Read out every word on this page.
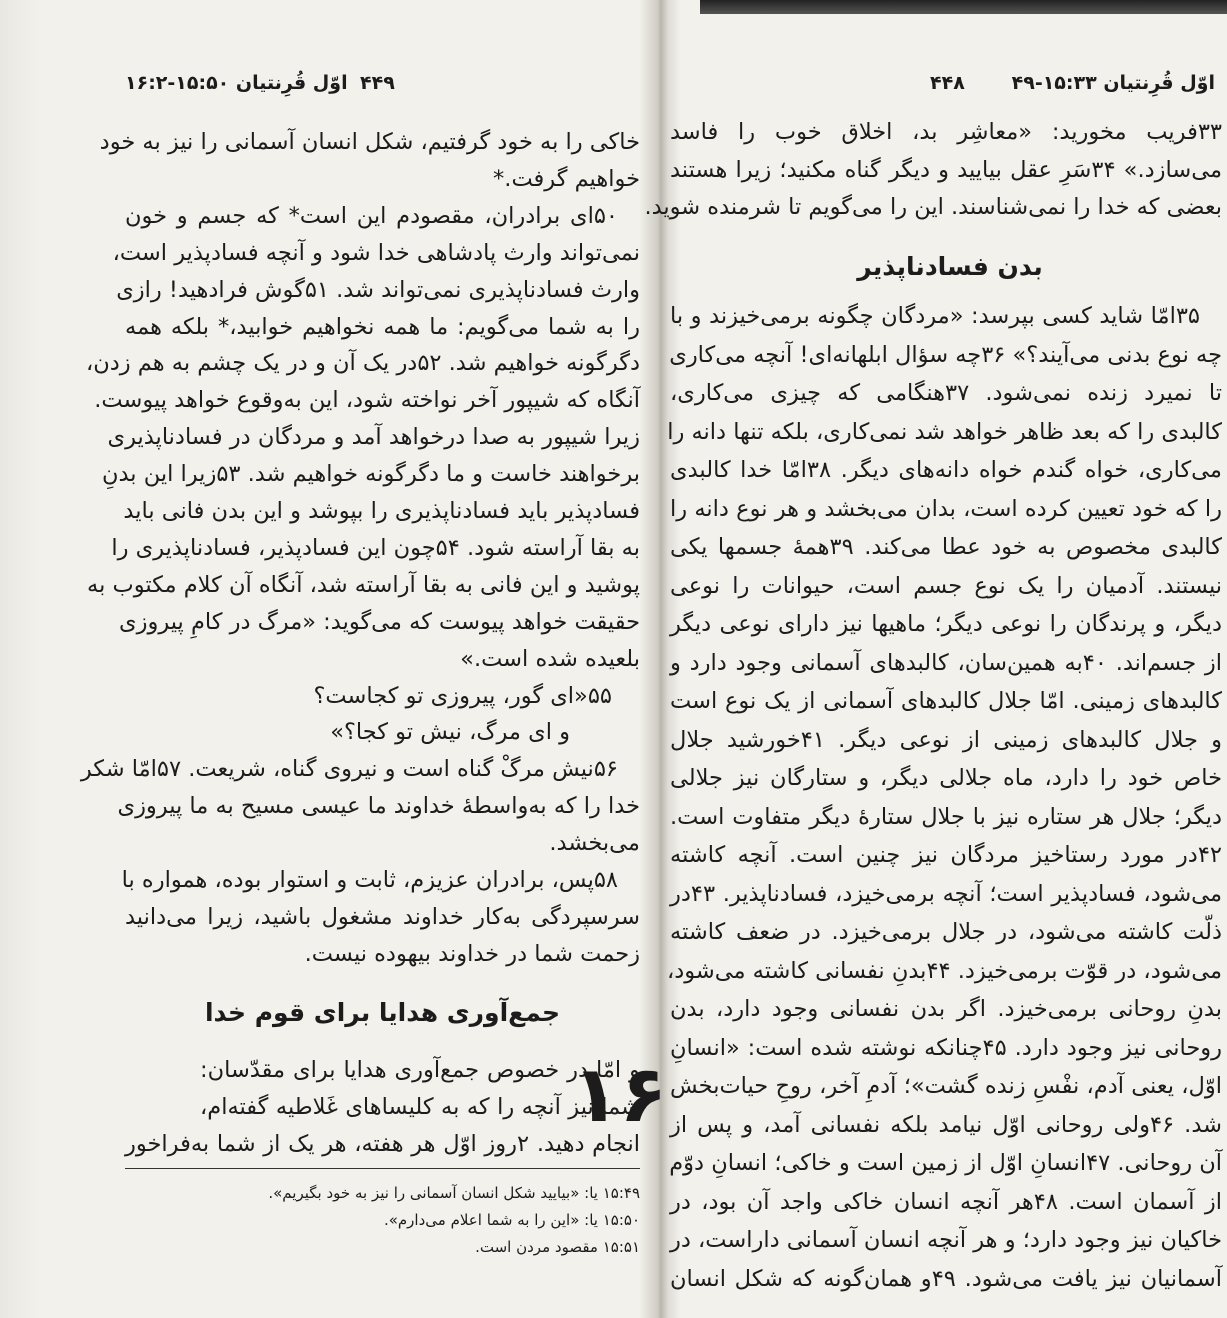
اوّل قُرِنتیان ۱۵:۵۰-۱۶:۲ ۴۴۹
خاکی را به خود گرفتیم، شکل انسان آسمانی را نیز به خود
خواهیم گرفت.*
۵۰ای برادران، مقصودم این است* که جسم و خون
نمی‌تواند وارث پادشاهی خدا شود و آنچه فسادپذیر است،
وارث فسادناپذیری نمی‌تواند شد. ۵۱گوش فرادهید! رازی
را به شما می‌گویم: ما همه نخواهیم خوابید،* بلکه همه
دگرگونه خواهیم شد. ۵۲در یک آن و در یک چشم به هم زدن،
آنگاه که شیپور آخر نواخته شود، این به‌وقوع خواهد پیوست.
زیرا شیپور به صدا درخواهد آمد و مردگان در فسادناپذیری
برخواهند خاست و ما دگرگونه خواهیم شد. ۵۳زیرا این بدنِ
فسادپذیر باید فسادناپذیری را بپوشد و این بدن فانی باید
به بقا آراسته شود. ۵۴چون این فسادپذیر، فسادناپذیری را
پوشید و این فانی به بقا آراسته شد، آنگاه آن کلام مکتوب به
حقیقت خواهد پیوست که می‌گوید: «مرگ در کامِ پیروزی
بلعیده شده است.»
۵۵«ای گور، پیروزی تو کجاست؟
و ای مرگ، نیش تو کجا؟»
۵۶نیش مرگْ گناه است و نیروی گناه، شریعت. ۵۷امّا شکر
خدا را که به‌واسطهٔ خداوند ما عیسی مسیح به ما پیروزی
می‌بخشد.
۵۸پس، برادران عزیزم، ثابت و استوار بوده، همواره با
سرسپردگی به‌کار خداوند مشغول باشید، زیرا می‌دانید
زحمت شما در خداوند بیهوده نیست.
جمع‌آوری هدایا برای قوم خدا
۱۶
و امّا در خصوص جمع‌آوری هدایا برای مقدّسان:
شما نیز آنچه را که به کلیساهای غَلاطیه گفته‌ام،
انجام دهید. ۲روز اوّل هر هفته، هر یک از شما به‌فراخور
۱۵:۴۹ یا: «بیایید شکل انسان آسمانی را نیز به خود بگیریم».
۱۵:۵۰ یا: «این را به شما اعلام می‌دارم».
۱۵:۵۱ مقصود مردن است.
اوّل قُرِنتیان ۱۵:۳۳-۴۹
۴۴۸
۳۳فریب مخورید: «معاشِر بد، اخلاق خوب را فاسد
می‌سازد.» ۳۴سَرِ عقل بیایید و دیگر گناه مکنید؛ زیرا هستند
بعضی که خدا را نمی‌شناسند. این را می‌گویم تا شرمنده شوید.
بدن فسادناپذیر
۳۵امّا شاید کسی بپرسد: «مردگان چگونه برمی‌خیزند و با
چه نوع بدنی می‌آیند؟» ۳۶چه سؤال ابلهانه‌ای! آنچه می‌کاری
تا نمیرد زنده نمی‌شود. ۳۷هنگامی که چیزی می‌کاری،
کالبدی را که بعد ظاهر خواهد شد نمی‌کاری، بلکه تنها دانه را
می‌کاری، خواه گندم خواه دانه‌های دیگر. ۳۸امّا خدا کالبدی
را که خود تعیین کرده است، بدان می‌بخشد و هر نوع دانه را
کالبدی مخصوص به خود عطا می‌کند. ۳۹همهٔ جسمها یکی
نیستند. آدمیان را یک نوع جسم است، حیوانات را نوعی
دیگر، و پرندگان را نوعی دیگر؛ ماهیها نیز دارای نوعی دیگر
از جسم‌اند. ۴۰به همین‌سان، کالبدهای آسمانی وجود دارد و
کالبدهای زمینی. امّا جلال کالبدهای آسمانی از یک نوع است
و جلال کالبدهای زمینی از نوعی دیگر. ۴۱خورشید جلال
خاص خود را دارد، ماه جلالی دیگر، و ستارگان نیز جلالی
دیگر؛ جلال هر ستاره نیز با جلال ستارهٔ دیگر متفاوت است.
۴۲در مورد رستاخیز مردگان نیز چنین است. آنچه کاشته
می‌شود، فسادپذیر است؛ آنچه برمی‌خیزد، فسادناپذیر. ۴۳در
ذلّت کاشته می‌شود، در جلال برمی‌خیزد. در ضعف کاشته
می‌شود، در قوّت برمی‌خیزد. ۴۴بدنِ نفسانی کاشته می‌شود،
بدنِ روحانی برمی‌خیزد. اگر بدن نفسانی وجود دارد، بدن
روحانی نیز وجود دارد. ۴۵چنانکه نوشته شده است: «انسانِ
اوّل، یعنی آدم، نفْسِ زنده گشت»؛ آدمِ آخر، روحِ حیات‌بخش
شد. ۴۶ولی روحانی اوّل نیامد بلکه نفسانی آمد، و پس از
آن روحانی. ۴۷انسانِ اوّل از زمین است و خاکی؛ انسانِ دوّم
از آسمان است. ۴۸هر آنچه انسان خاکی واجد آن بود، در
خاکیان نیز وجود دارد؛ و هر آنچه انسان آسمانی داراست، در
آسمانیان نیز یافت می‌شود. ۴۹و همان‌گونه که شکل انسان
